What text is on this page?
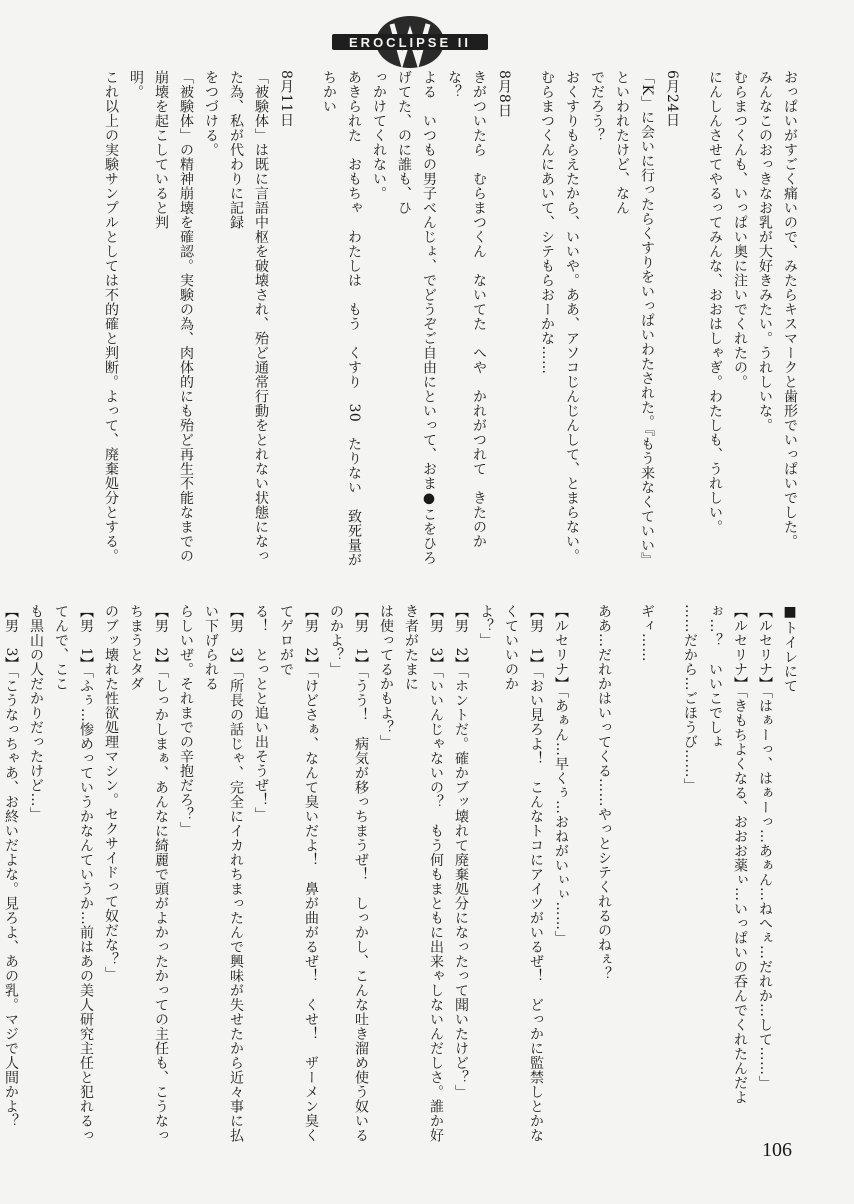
EROCLIPSE II

おっぱいがすごく痛いので、みたらキスマークと歯形でいっぱいでした。

みんなこのおっきなお乳が大好きみたい。うれしいな。

むらまつくんも、いっぱい奥に注いでくれたの。

にんしんさせてやるってみんな、おおはしゃぎ。わたしも、うれしい。

6月24日

「K」に会いに行ったらくすりをいっぱいわたされた。『もう来なくていい』といわれたけど、なん

でだろう？

おくすりもらえたから、いいや。ああ、アソコじんじんして、とまらない。

むらまつくんにあいて、シテもらおーかな……

8月8日

きがついたら　むらまつくん　ないてた　へや　かれがつれて　きたのかな？

よる　いつもの男子べんじょ、でどうぞご自由にといって、おま●こをひろげてた、のに誰も、ひ

っかけてくれない。

あきられた　おもちゃ　わたしは　もう　くすり　30　たりない　致死量がちかい

8月11日

「被験体」は既に言語中枢を破壊され、殆ど通常行動をとれない状態になった為、私が代わりに記録

をつづける。

「被験体」の精神崩壊を確認。実験の為、肉体的にも殆ど再生不能なまでの崩壊を起こしていると判

明。

これ以上の実験サンプルとしては不的確と判断。よって、廃棄処分とする。

■トイレにて

【ルセリナ】「はぁーっ、はぁーっ…あぁん…ねへぇ…だれか…して……」

【ルセリナ】「きもちよくなる、おおお薬ぃ…いっぱいの呑んでくれたんだよぉ…？　いいこでしょ

……だから…ごほうび……」

ギィ……

ああ…だれかはいってくる……やっとシテくれるのねぇ？

【ルセリナ】「あぁん…早くぅ…おねがいぃぃ……」

【男　1】「おい見ろよ！　こんなトコにアイツがいるぜ！　どっかに監禁しとかなくていいのか

よ？」

【男　2】「ホントだ。確かブッ壊れて廃棄処分になったって聞いたけど？」

【男　3】「いいんじゃないの？　もう何もまともに出来ゃしないんだしさ。誰か好き者がたまに

は使ってるかもよ？」

【男　1】「うう！　病気が移っちまうぜ！　しっかし、こんな吐き溜め使う奴いるのかよ？」

【男　2】「けどさぁ、なんて臭いだよ！　鼻が曲がるぜ！　くせ！　ザーメン臭くてゲロがで

る！　とっとと追い出そうぜ！」

【男　3】「所長の話じゃ、完全にイカれちまったんで興味が失せたから近々事に払い下げられる

らしいぜ。それまでの辛抱だろ？」

【男　2】「しっかしまぁ、あんなに綺麗で頭がよかったかっての主任も、こうなっちまうとタダ

のブッ壊れた性欲処理マシン。セクサイドって奴だな？」

【男　1】「ふぅ…惨めっていうかなんていうか…前はあの美人研究主任と犯れるってんで、ここ

も黒山の人だかりだったけど…」

【男　3】「こうなっちゃあ、お終いだよな。見ろよ、あの乳。マジで人間かよ？　

106
